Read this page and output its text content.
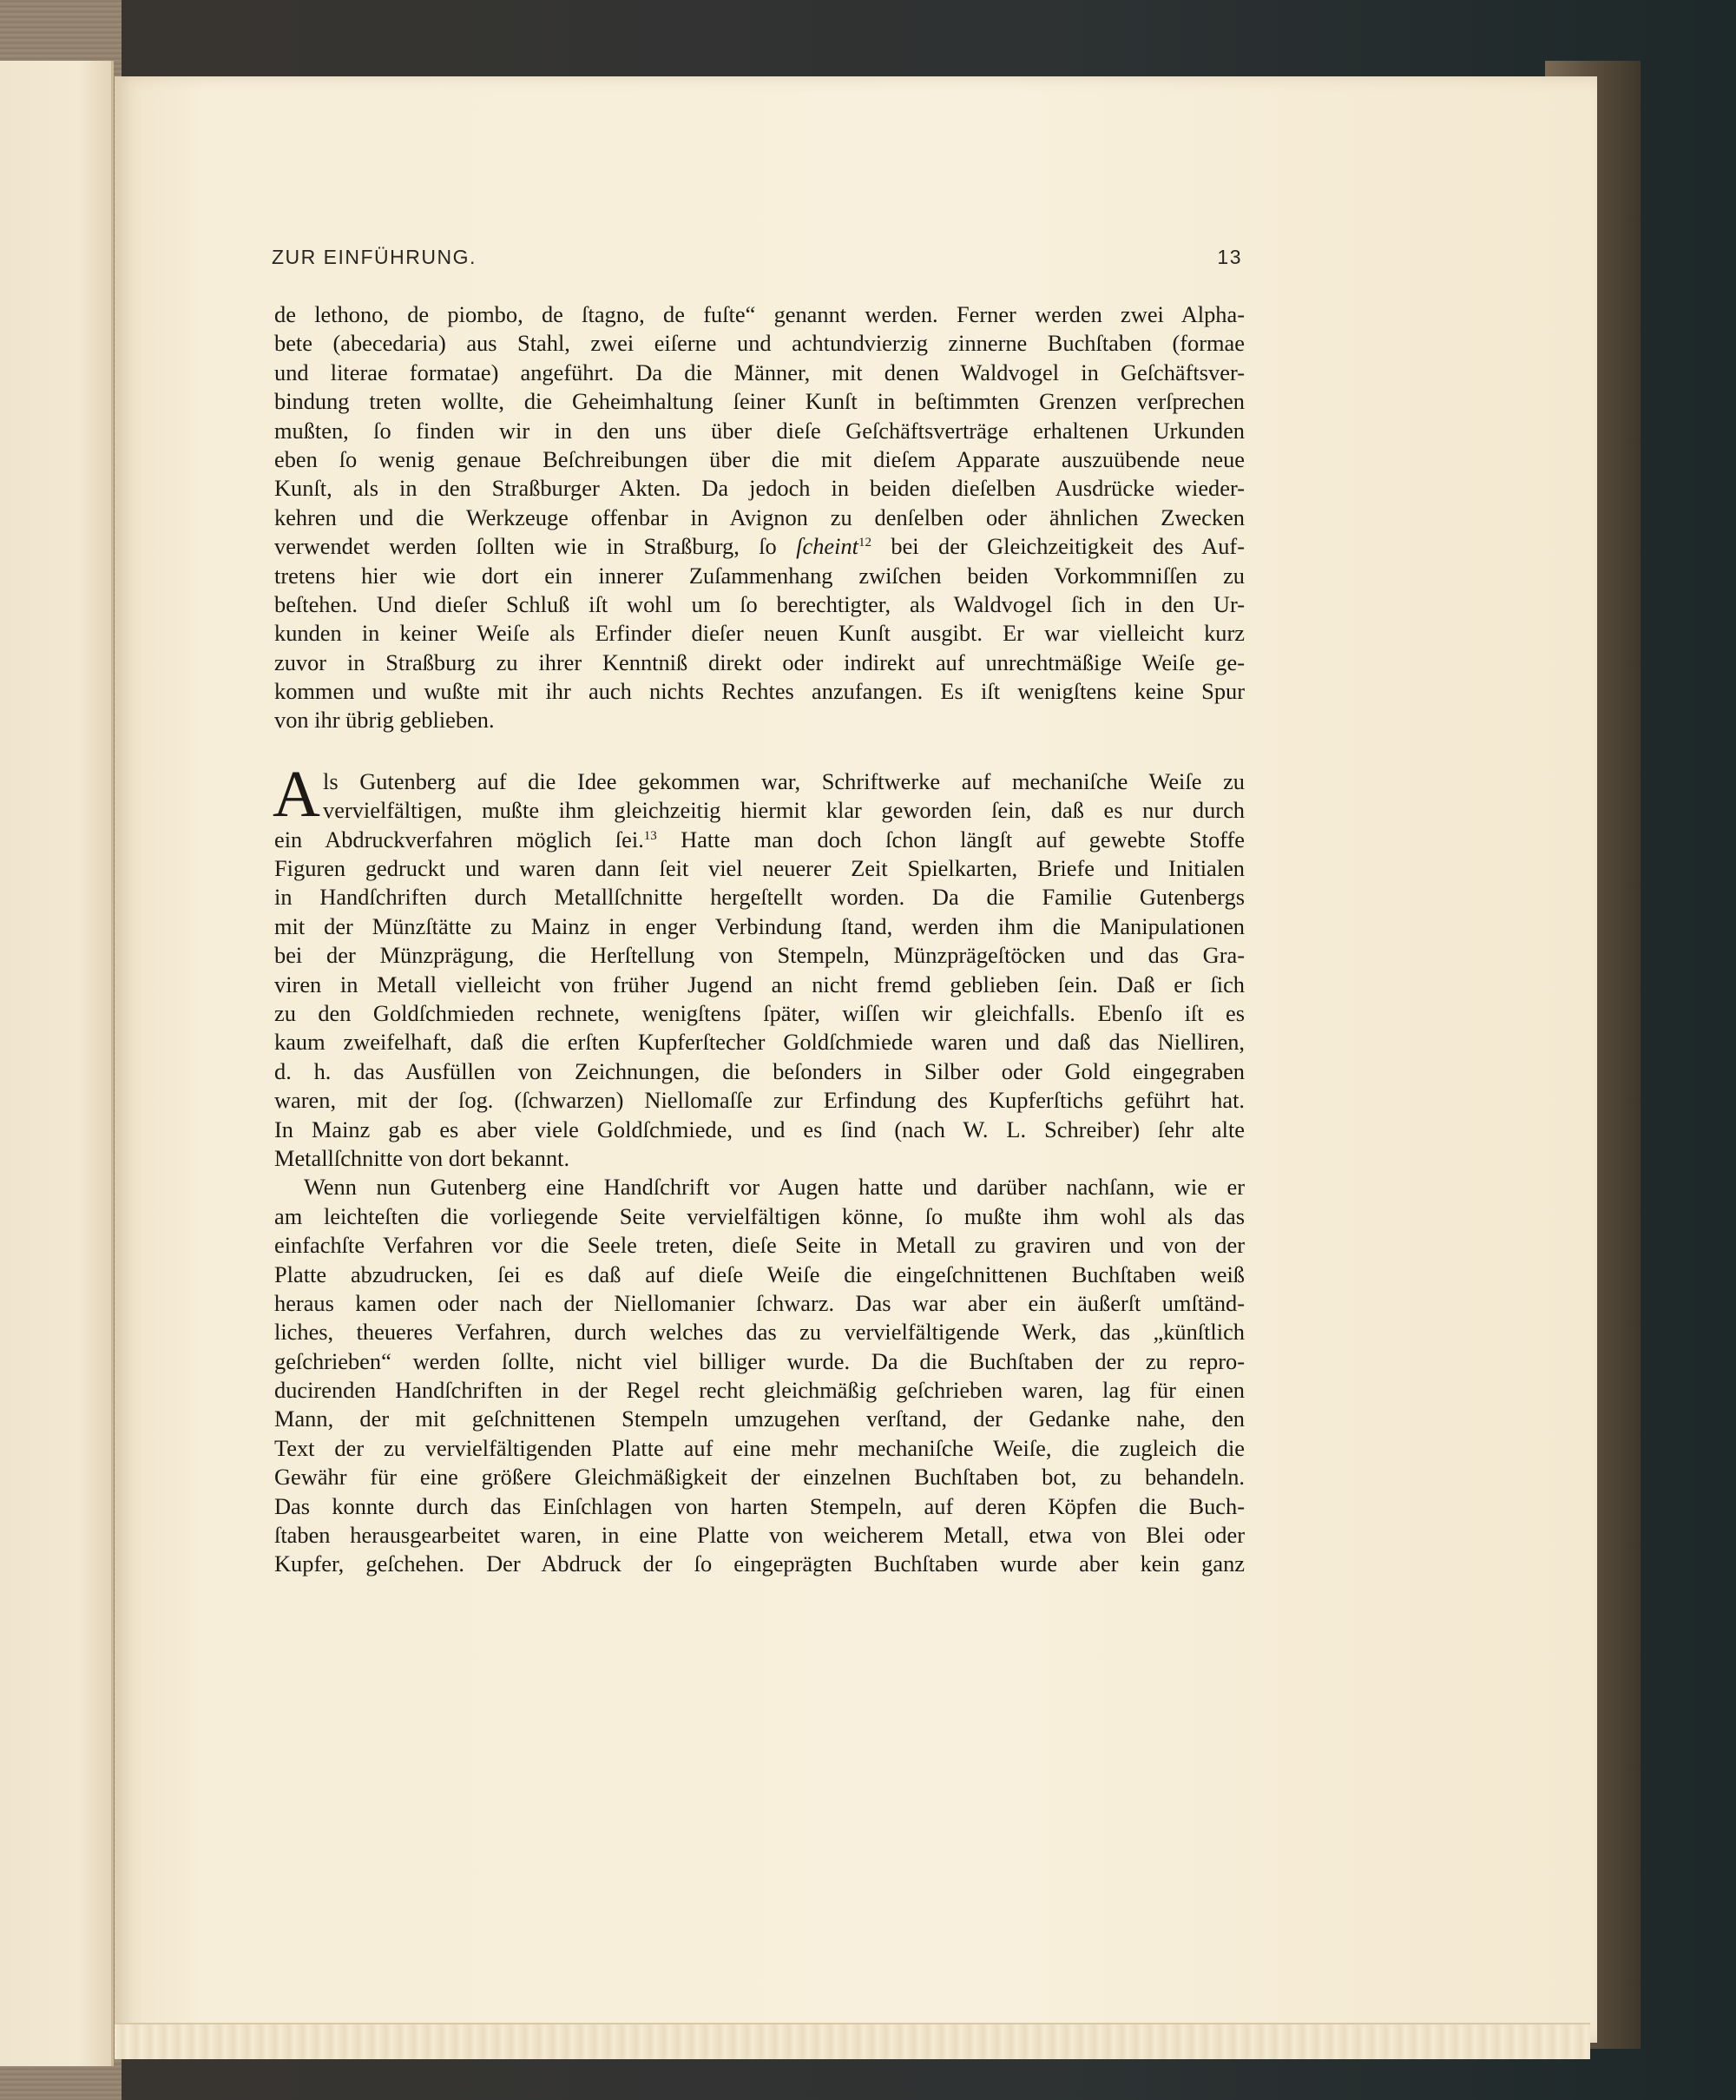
ZUR EINFÜHRUNG.	13
de lethono, de piombo, de ſtagno, de fuſte“ genannt werden. Ferner werden zwei Alpha-
bete (abecedaria) aus Stahl, zwei eiſerne und achtundvierzig zinnerne Buchſtaben (formae
und literae formatae) angeführt. Da die Männer, mit denen Waldvogel in Geſchäftsver-
bindung treten wollte, die Geheimhaltung ſeiner Kunſt in beſtimmten Grenzen verſprechen
mußten, ſo finden wir in den uns über dieſe Geſchäftsverträge erhaltenen Urkunden
eben ſo wenig genaue Beſchreibungen über die mit dieſem Apparate auszuübende neue
Kunſt, als in den Straßburger Akten. Da jedoch in beiden dieſelben Ausdrücke wieder-
kehren und die Werkzeuge offenbar in Avignon zu denſelben oder ähnlichen Zwecken
verwendet werden ſollten wie in Straßburg, ſo ſcheint$^{12}$ bei der Gleichzeitigkeit des Auf-
tretens hier wie dort ein innerer Zuſammenhang zwiſchen beiden Vorkommniſſen zu
beſtehen. Und dieſer Schluß iſt wohl um ſo berechtigter, als Waldvogel ſich in den Ur-
kunden in keiner Weiſe als Erfinder dieſer neuen Kunſt ausgibt. Er war vielleicht kurz
zuvor in Straßburg zu ihrer Kenntniß direkt oder indirekt auf unrechtmäßige Weiſe ge-
kommen und wußte mit ihr auch nichts Rechtes anzufangen. Es iſt wenigſtens keine Spur
von ihr übrig geblieben.
A ls Gutenberg auf die Idee gekommen war, Schriftwerke auf mechaniſche Weiſe zu
vervielfältigen, mußte ihm gleichzeitig hiermit klar geworden ſein, daß es nur durch
ein Abdruckverfahren möglich ſei.$^{13}$ Hatte man doch ſchon längſt auf gewebte Stoffe
Figuren gedruckt und waren dann ſeit viel neuerer Zeit Spielkarten, Briefe und Initialen
in Handſchriften durch Metallſchnitte hergeſtellt worden. Da die Familie Gutenbergs
mit der Münzſtätte zu Mainz in enger Verbindung ſtand, werden ihm die Manipulationen
bei der Münzprägung, die Herſtellung von Stempeln, Münzprägeſtöcken und das Gra-
viren in Metall vielleicht von früher Jugend an nicht fremd geblieben ſein. Daß er ſich
zu den Goldſchmieden rechnete, wenigſtens ſpäter, wiſſen wir gleichfalls. Ebenſo iſt es
kaum zweifelhaft, daß die erſten Kupferſtecher Goldſchmiede waren und daß das Nielliren,
d. h. das Ausfüllen von Zeichnungen, die beſonders in Silber oder Gold eingegraben
waren, mit der ſog. (ſchwarzen) Niellomaſſe zur Erfindung des Kupferſtichs geführt hat.
In Mainz gab es aber viele Goldſchmiede, und es ſind (nach W. L. Schreiber) ſehr alte
Metallſchnitte von dort bekannt.
Wenn nun Gutenberg eine Handſchrift vor Augen hatte und darüber nachſann, wie er
am leichteſten die vorliegende Seite vervielfältigen könne, ſo mußte ihm wohl als das
einfachſte Verfahren vor die Seele treten, dieſe Seite in Metall zu graviren und von der
Platte abzudrucken, ſei es daß auf dieſe Weiſe die eingeſchnittenen Buchſtaben weiß
heraus kamen oder nach der Niellomanier ſchwarz. Das war aber ein äußerſt umſtänd-
liches, theueres Verfahren, durch welches das zu vervielfältigende Werk, das „künſtlich
geſchrieben“ werden ſollte, nicht viel billiger wurde. Da die Buchſtaben der zu repro-
ducirenden Handſchriften in der Regel recht gleichmäßig geſchrieben waren, lag für einen
Mann, der mit geſchnittenen Stempeln umzugehen verſtand, der Gedanke nahe, den
Text der zu vervielfältigenden Platte auf eine mehr mechaniſche Weiſe, die zugleich die
Gewähr für eine größere Gleichmäßigkeit der einzelnen Buchſtaben bot, zu behandeln.
Das konnte durch das Einſchlagen von harten Stempeln, auf deren Köpfen die Buch-
ſtaben herausgearbeitet waren, in eine Platte von weicherem Metall, etwa von Blei oder
Kupfer, geſchehen. Der Abdruck der ſo eingeprägten Buchſtaben wurde aber kein ganz
